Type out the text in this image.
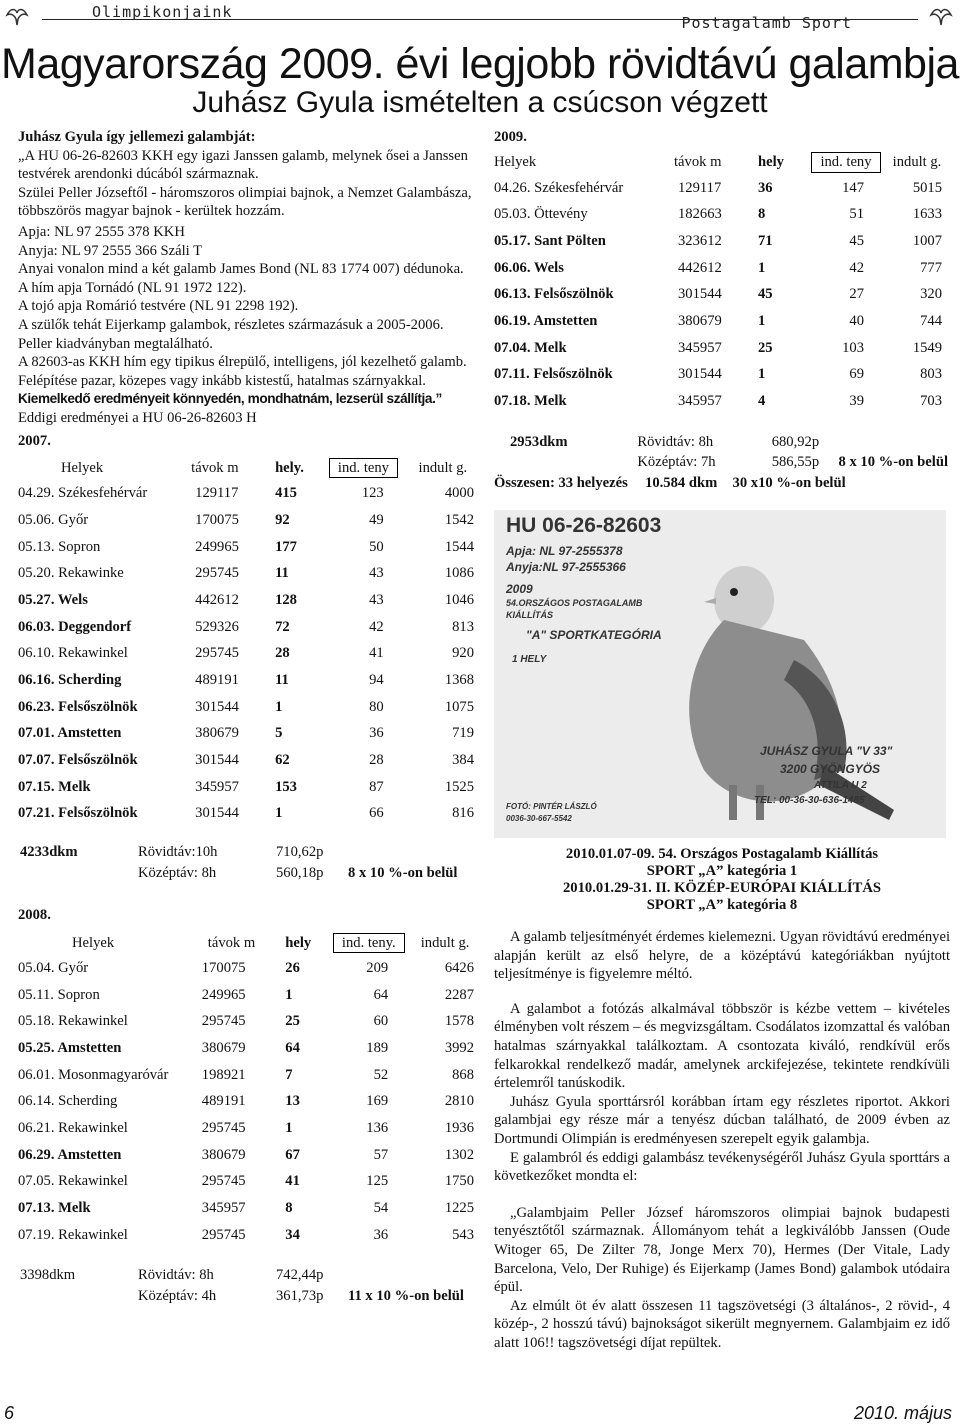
Olimpikonjaink
Postagalamb Sport
Magyarország 2009. évi legjobb rövidtávú galambja
Juhász Gyula ismételten a csúcson végzett

Juhász Gyula így jellemezi galambját:

„A HU 06-26-82603 KKH egy igazi Janssen galamb, melynek ősei a Janssen testvérek arendonki dúcából származnak.

Szülei Peller Józseftől - háromszoros olimpiai bajnok, a Nemzet Galambásza, többszörös magyar bajnok - kerültek hozzám.

Apja: NL 97 2555 378 KKH

Anyja: NL 97 2555 366 Száli T

Anyai vonalon mind a két galamb James Bond (NL 83 1774 007) dédunoka.

A hím apja Tornádó (NL 91 1972 122).

A tojó apja Romárió testvére (NL 91 2298 192).

A szülők tehát Eijerkamp galambok, részletes származásuk a 2005-2006. Peller kiadványban megtalálható.

A 82603-as KKH hím egy tipikus élrepülő, intelligens, jól kezelhető galamb. Felépítése pazar, közepes vagy inkább kistestű, hatalmas szárnyakkal.

Kiemelkedő eredményeit könnyedén, mondhatnám, lezserül szállítja.”

Eddigi eredményei a HU 06-26-82603 H

2007.

Helyek	távok m	hely.	ind. teny	indult g.
04.29. Székesfehérvár	129117	415	123	4000
05.06. Győr	170075	92	49	1542
05.13. Sopron	249965	177	50	1544
05.20. Rekawinke	295745	11	43	1086
05.27. Wels	442612	128	43	1046
06.03. Deggendorf	529326	72	42	813
06.10. Rekawinkel	295745	28	41	920
06.16. Scherding	489191	11	94	1368
06.23. Felsőszölnök	301544	1	80	1075
07.01. Amstetten	380679	5	36	719
07.07. Felsőszölnök	301544	62	28	384
07.15. Melk	345957	153	87	1525
07.21. Felsőszölnök	301544	1	66	816
4233dkm	Rövidtáv:10h	710,62p	
	Középtáv: 8h	560,18p	8 x 10 %-on belül

2008.

Helyek	távok m	hely	ind. teny.	indult g.
05.04. Győr	170075	26	209	6426
05.11. Sopron	249965	1	64	2287
05.18. Rekawinkel	295745	25	60	1578
05.25. Amstetten	380679	64	189	3992
06.01. Mosonmagyaróvár	198921	7	52	868
06.14. Scherding	489191	13	169	2810
06.21. Rekawinkel	295745	1	136	1936
06.29. Amstetten	380679	67	57	1302
07.05. Rekawinkel	295745	41	125	1750
07.13. Melk	345957	8	54	1225
07.19. Rekawinkel	295745	34	36	543
3398dkm	Rövidtáv: 8h	742,44p	
	Középtáv: 4h	361,73p	11 x 10 %-on belül

2009.

Helyek	távok m	hely	ind. teny	indult g.
04.26. Székesfehérvár	129117	36	147	5015
05.03. Öttevény	182663	8	51	1633
05.17. Sant Pölten	323612	71	45	1007
06.06. Wels	442612	1	42	777
06.13. Felsőszölnök	301544	45	27	320
06.19. Amstetten	380679	1	40	744
07.04. Melk	345957	25	103	1549
07.11. Felsőszölnök	301544	1	69	803
07.18. Melk	345957	4	39	703
2953dkm	Rövidtáv: 8h	680,92p	
	Középtáv: 7h	586,55p	8 x 10 %-on belül
Összesen: 33 helyezés 10.584 dkm 30 x10 %-on belül
HU 06-26-82603
Apja: NL 97-2555378
Anyja:NL 97-2555366
2009
54.ORSZÁGOS POSTAGALAMB
KIÁLLÍTÁS
"A" SPORTKATEGÓRIA
1 HELY
JUHÁSZ GYULA "V 33"
3200 GYÖNGYÖS
ATTILA U 2
TEL: 00-36-30-636-1485
FOTÓ: PINTÉR LÁSZLÓ
0036-30-667-5542
2010.01.07-09. 54. Országos Postagalamb Kiállítás
SPORT „A” kategória 1
2010.01.29-31. II. KÖZÉP-EURÓPAI KIÁLLÍTÁS
SPORT „A” kategória 8

A galamb teljesítményét érdemes kielemezni. Ugyan rövidtávú eredményei alapján került az első helyre, de a középtávú kategóriákban nyújtott teljesítménye is figyelemre méltó.

A galambot a fotózás alkalmával többször is kézbe vettem – kivételes élményben volt részem – és megvizsgáltam. Csodálatos izomzattal és valóban hatalmas szárnyakkal találkoztam. A csontozata kiváló, rendkívül erős felkarokkal rendelkező madár, amelynek arckifejezése, tekintete rendkívüli értelemről tanúskodik.

Juhász Gyula sporttársról korábban írtam egy részletes riportot. Akkori galambjai egy része már a tenyész dúcban található, de 2009 évben az Dortmundi Olimpián is eredményesen szerepelt egyik galambja.

E galambról és eddigi galambász tevékenységéről Juhász Gyula sporttárs a következőket mondta el:

„Galambjaim Peller József háromszoros olimpiai bajnok budapesti tenyésztőtől származnak. Állományom tehát a legkiválóbb Janssen (Oude Witoger 65, De Zilter 78, Jonge Merx 70), Hermes (Der Vitale, Lady Barcelona, Velo, Der Ruhige) és Eijerkamp (James Bond) galambok utódaira épül.

Az elmúlt öt év alatt összesen 11 tagszövetségi (3 általános-, 2 rövid-, 4 közép-, 2 hosszú távú) bajnokságot sikerült megnyernem. Galambjaim ez idő alatt 106!! tagszövetségi díjat repültek.

6	2010. május
